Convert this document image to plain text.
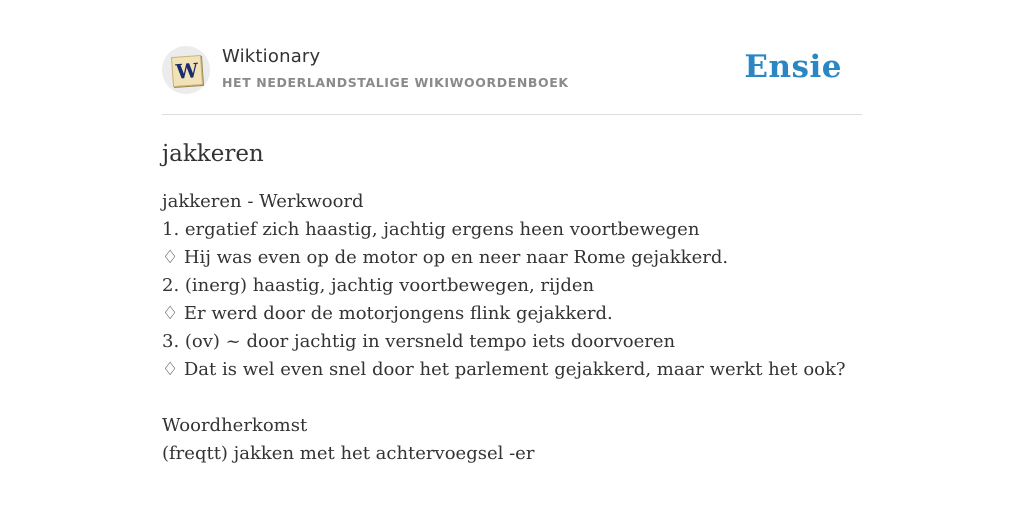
W
Wiktionary
HET NEDERLANDSTALIGE WIKIWOORDENBOEK	Ensie
jakkeren
jakkeren - Werkwoord
1. ergatief zich haastig, jachtig ergens heen voortbewegen
♢ Hij was even op de motor op en neer naar Rome gejakkerd.
2. (inerg) haastig, jachtig voortbewegen, rijden
♢ Er werd door de motorjongens flink gejakkerd.
3. (ov) ~ door jachtig in versneld tempo iets doorvoeren
♢ Dat is wel even snel door het parlement gejakkerd, maar werkt het ook?
Woordherkomst
(freqtt) jakken met het achtervoegsel -er
